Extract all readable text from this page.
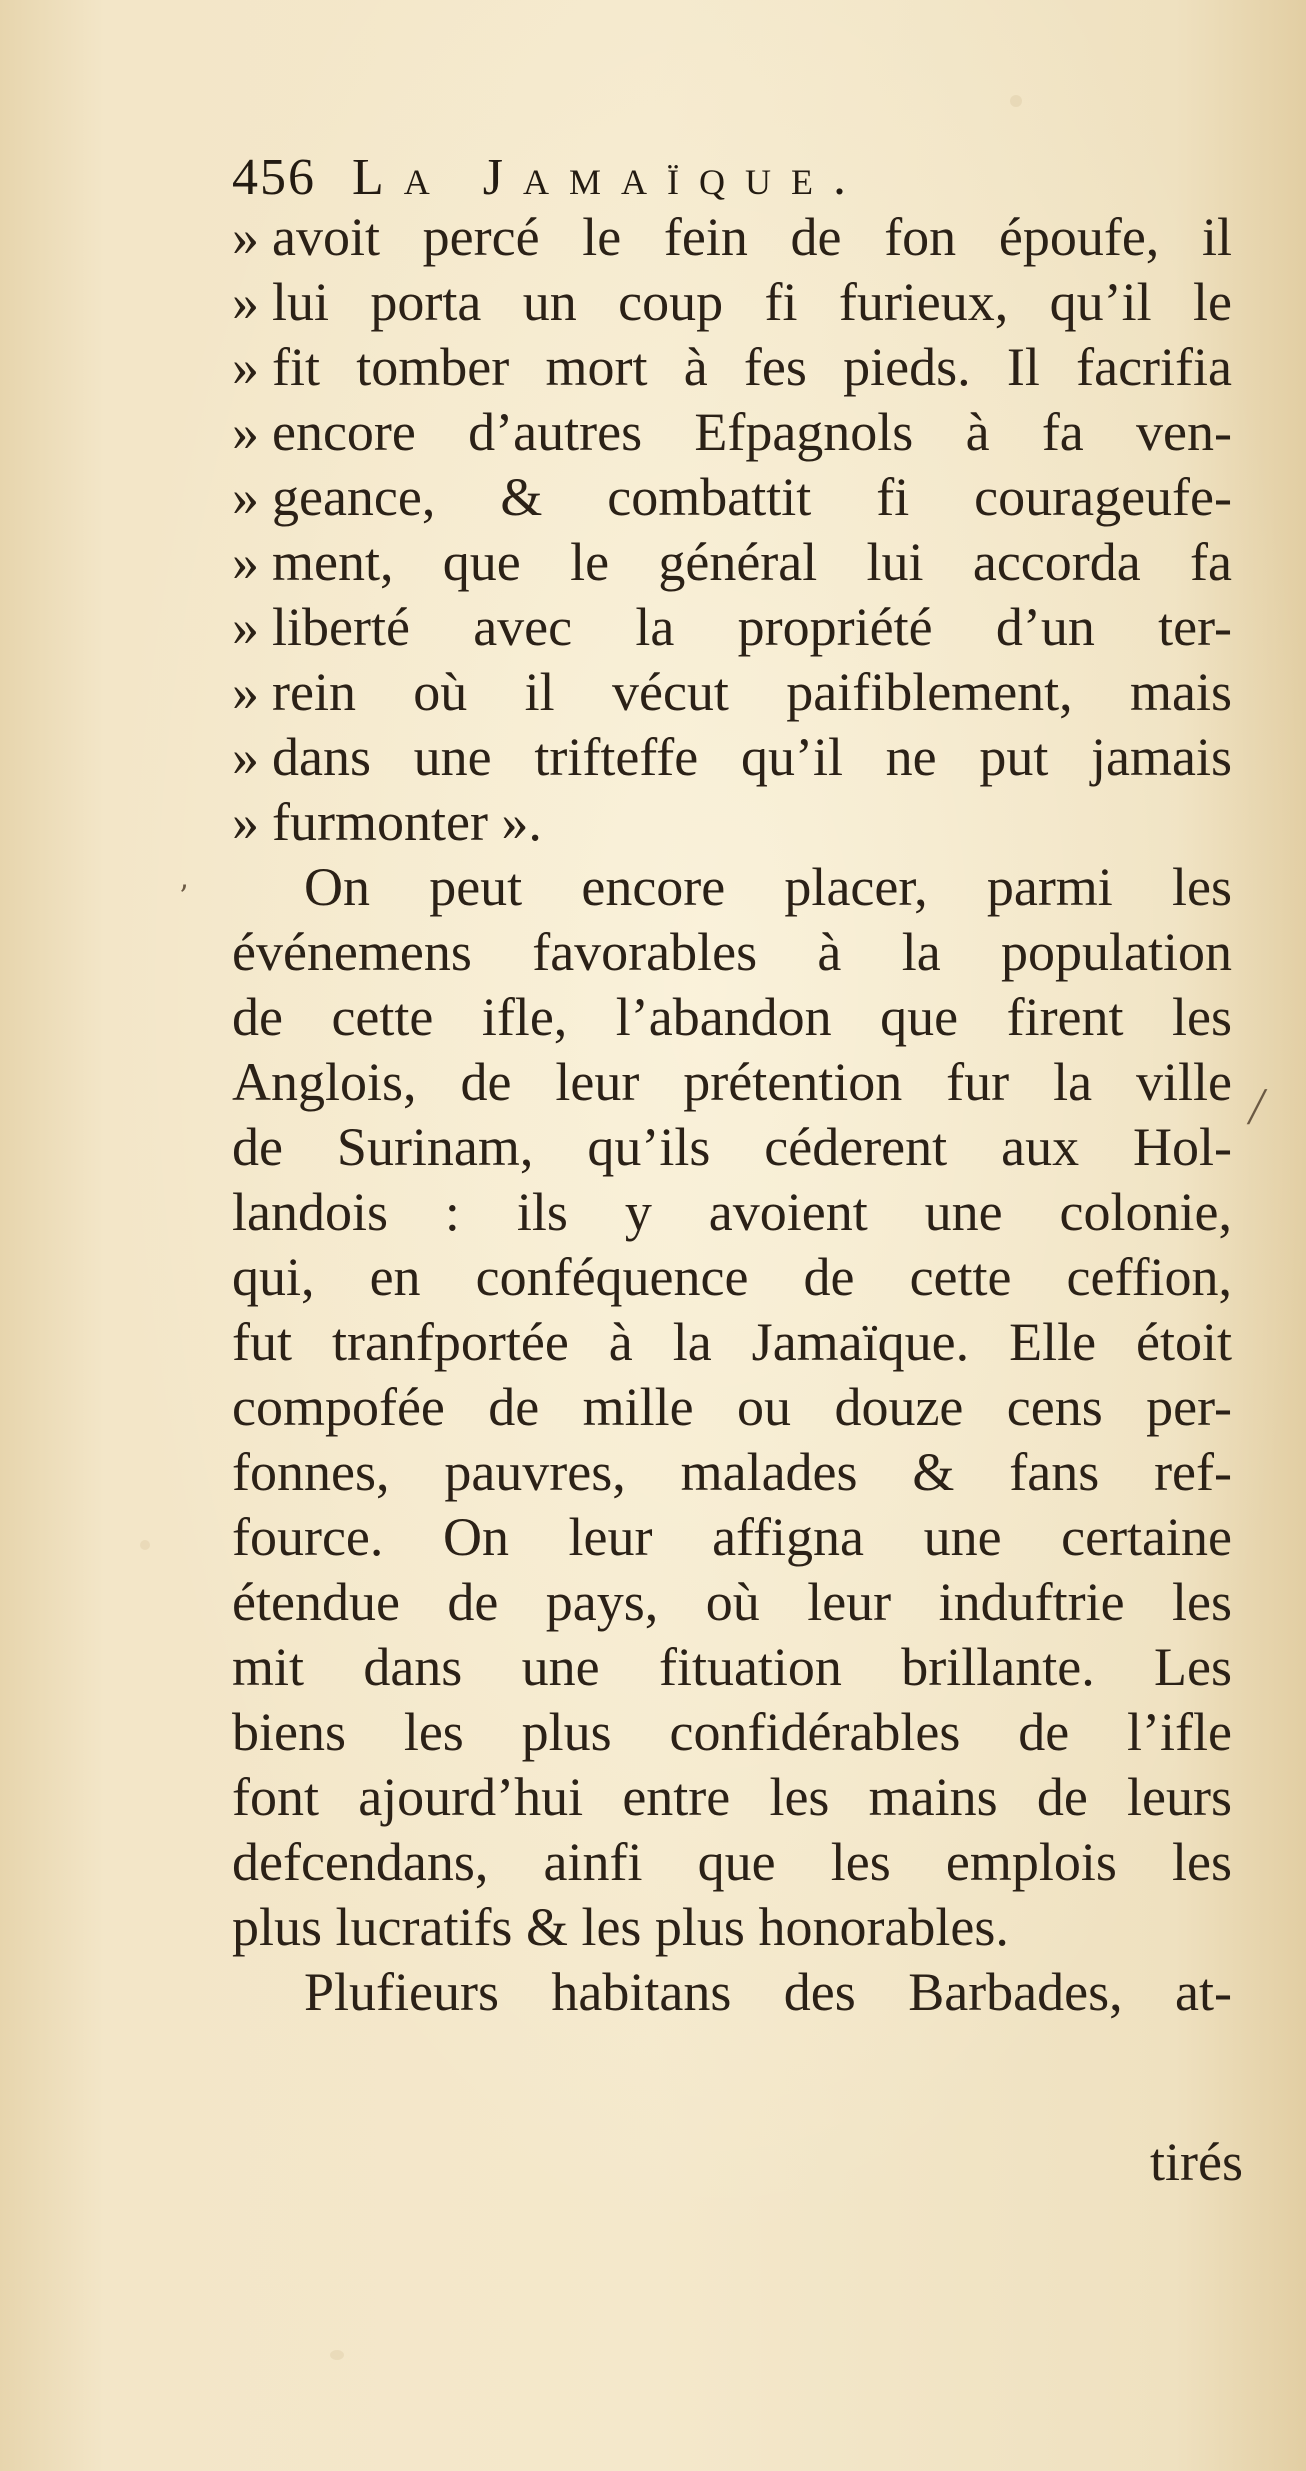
ʼ
╱
456 La Jamaïque.
» avoit percé le fein de fon époufe, il
» lui porta un coup fi furieux, qu’il le
» fit tomber mort à fes pieds. Il facrifia
» encore d’autres Efpagnols à fa ven-
» geance, & combattit fi courageufe-
» ment, que le général lui accorda fa
» liberté avec la propriété d’un ter-
» rein où il vécut paifiblement, mais
» dans une trifteffe qu’il ne put jamais
» furmonter ».
On peut encore placer, parmi les
événemens favorables à la population
de cette ifle, l’abandon que firent les
Anglois, de leur prétention fur la ville
de Surinam, qu’ils céderent aux Hol-
landois : ils y avoient une colonie,
qui, en conféquence de cette ceffion,
fut tranfportée à la Jamaïque. Elle étoit
compofée de mille ou douze cens per-
fonnes, pauvres, malades & fans ref-
fource. On leur affigna une certaine
étendue de pays, où leur induftrie les
mit dans une fituation brillante. Les
biens les plus confidérables de l’ifle
font ajourd’hui entre les mains de leurs
defcendans, ainfi que les emplois les
plus lucratifs & les plus honorables.
Plufieurs habitans des Barbades, at-
tirés
